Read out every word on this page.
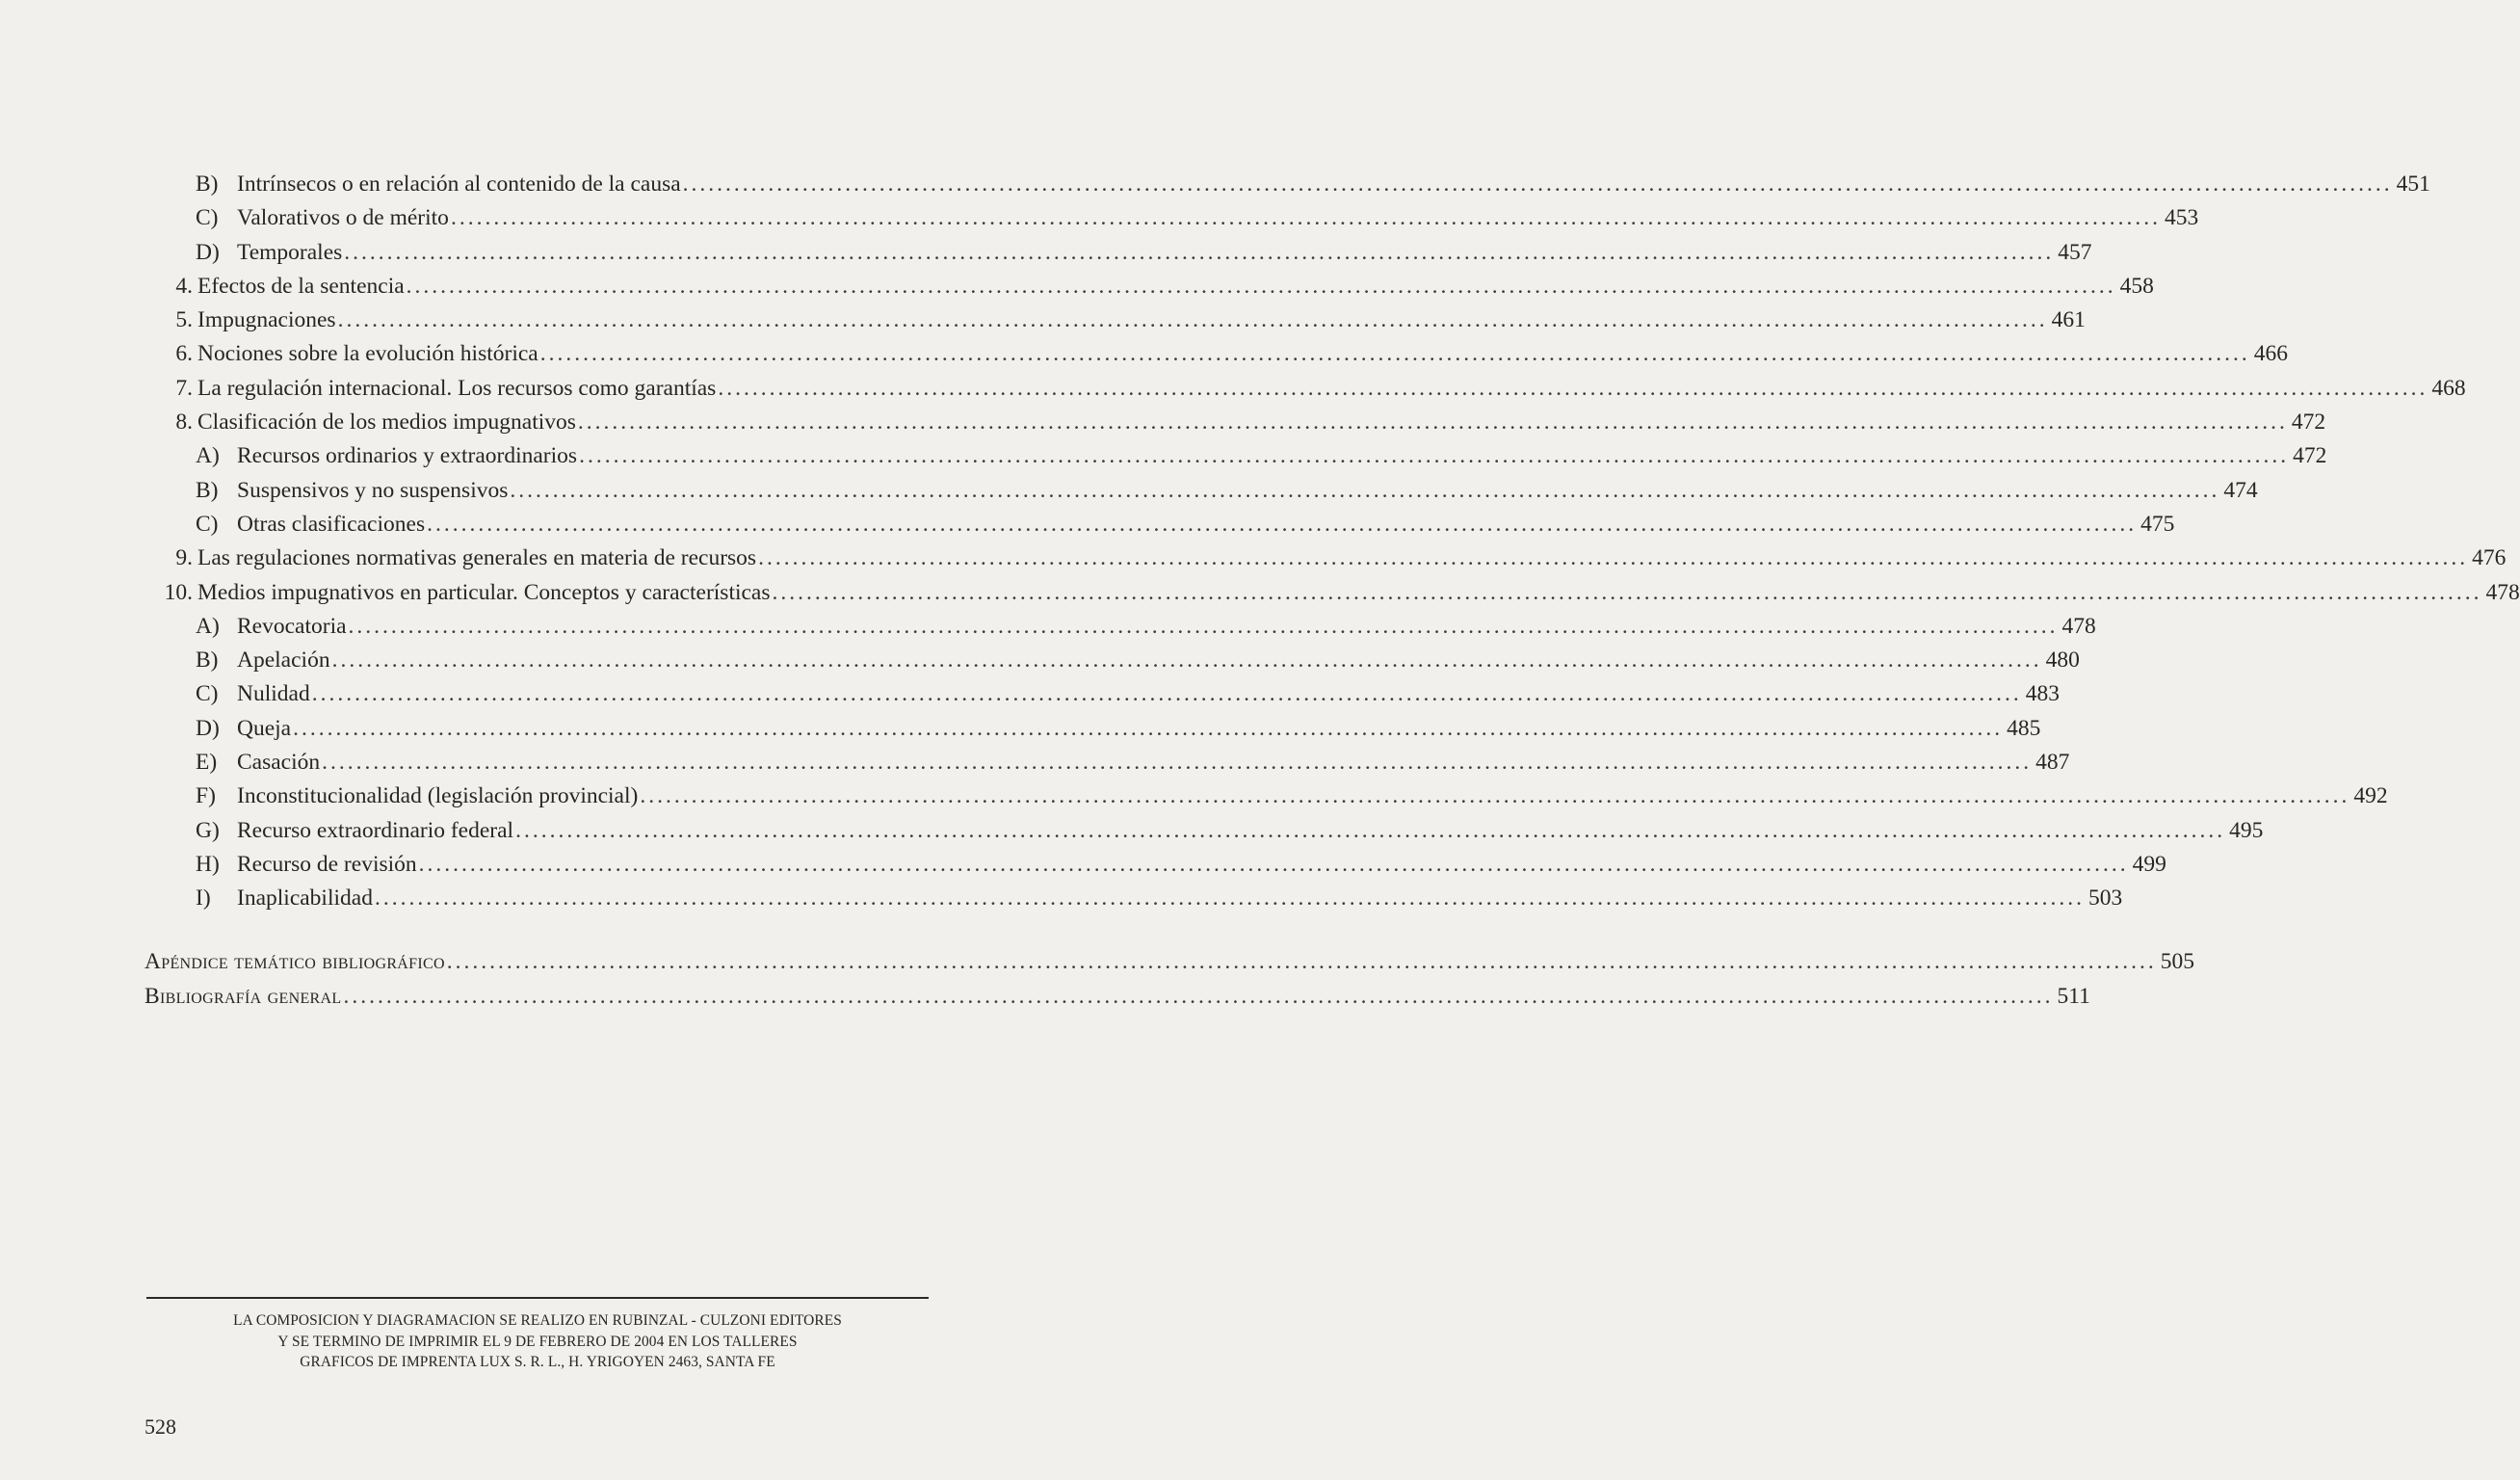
B) Intrínsecos o en relación al contenido de la causa ........................................................................................................................................................................................................ 451
C) Valorativos o de mérito ........................................................................................................................................................................................................ 453
D) Temporales ........................................................................................................................................................................................................ 457
4. Efectos de la sentencia ........................................................................................................................................................................................................ 458
5. Impugnaciones ........................................................................................................................................................................................................ 461
6. Nociones sobre la evolución histórica ........................................................................................................................................................................................................ 466
7. La regulación internacional. Los recursos como garantías ........................................................................................................................................................................................................ 468
8. Clasificación de los medios impugnativos ........................................................................................................................................................................................................ 472
A) Recursos ordinarios y extraordinarios ........................................................................................................................................................................................................ 472
B) Suspensivos y no suspensivos ........................................................................................................................................................................................................ 474
C) Otras clasificaciones ........................................................................................................................................................................................................ 475
9. Las regulaciones normativas generales en materia de recursos ........................................................................................................................................................................................................ 476
10. Medios impugnativos en particular. Conceptos y características ........................................................................................................................................................................................................ 478
A) Revocatoria ........................................................................................................................................................................................................ 478
B) Apelación ........................................................................................................................................................................................................ 480
C) Nulidad ........................................................................................................................................................................................................ 483
D) Queja ........................................................................................................................................................................................................ 485
E) Casación ........................................................................................................................................................................................................ 487
F) Inconstitucionalidad (legislación provincial) ........................................................................................................................................................................................................ 492
G) Recurso extraordinario federal ........................................................................................................................................................................................................ 495
H) Recurso de revisión ........................................................................................................................................................................................................ 499
I)	Inaplicabilidad ........................................................................................................................................................................................................ 503
Apéndice temático bibliográfico ........................................................................................................................................................................................................ 505
Bibliografía general ........................................................................................................................................................................................................ 511
LA COMPOSICION Y DIAGRAMACION SE REALIZO EN RUBINZAL - CULZONI EDITORES
Y SE TERMINO DE IMPRIMIR EL 9 DE FEBRERO DE 2004 EN LOS TALLERES
GRAFICOS DE IMPRENTA LUX S. R. L., H. YRIGOYEN 2463, SANTA FE
528
